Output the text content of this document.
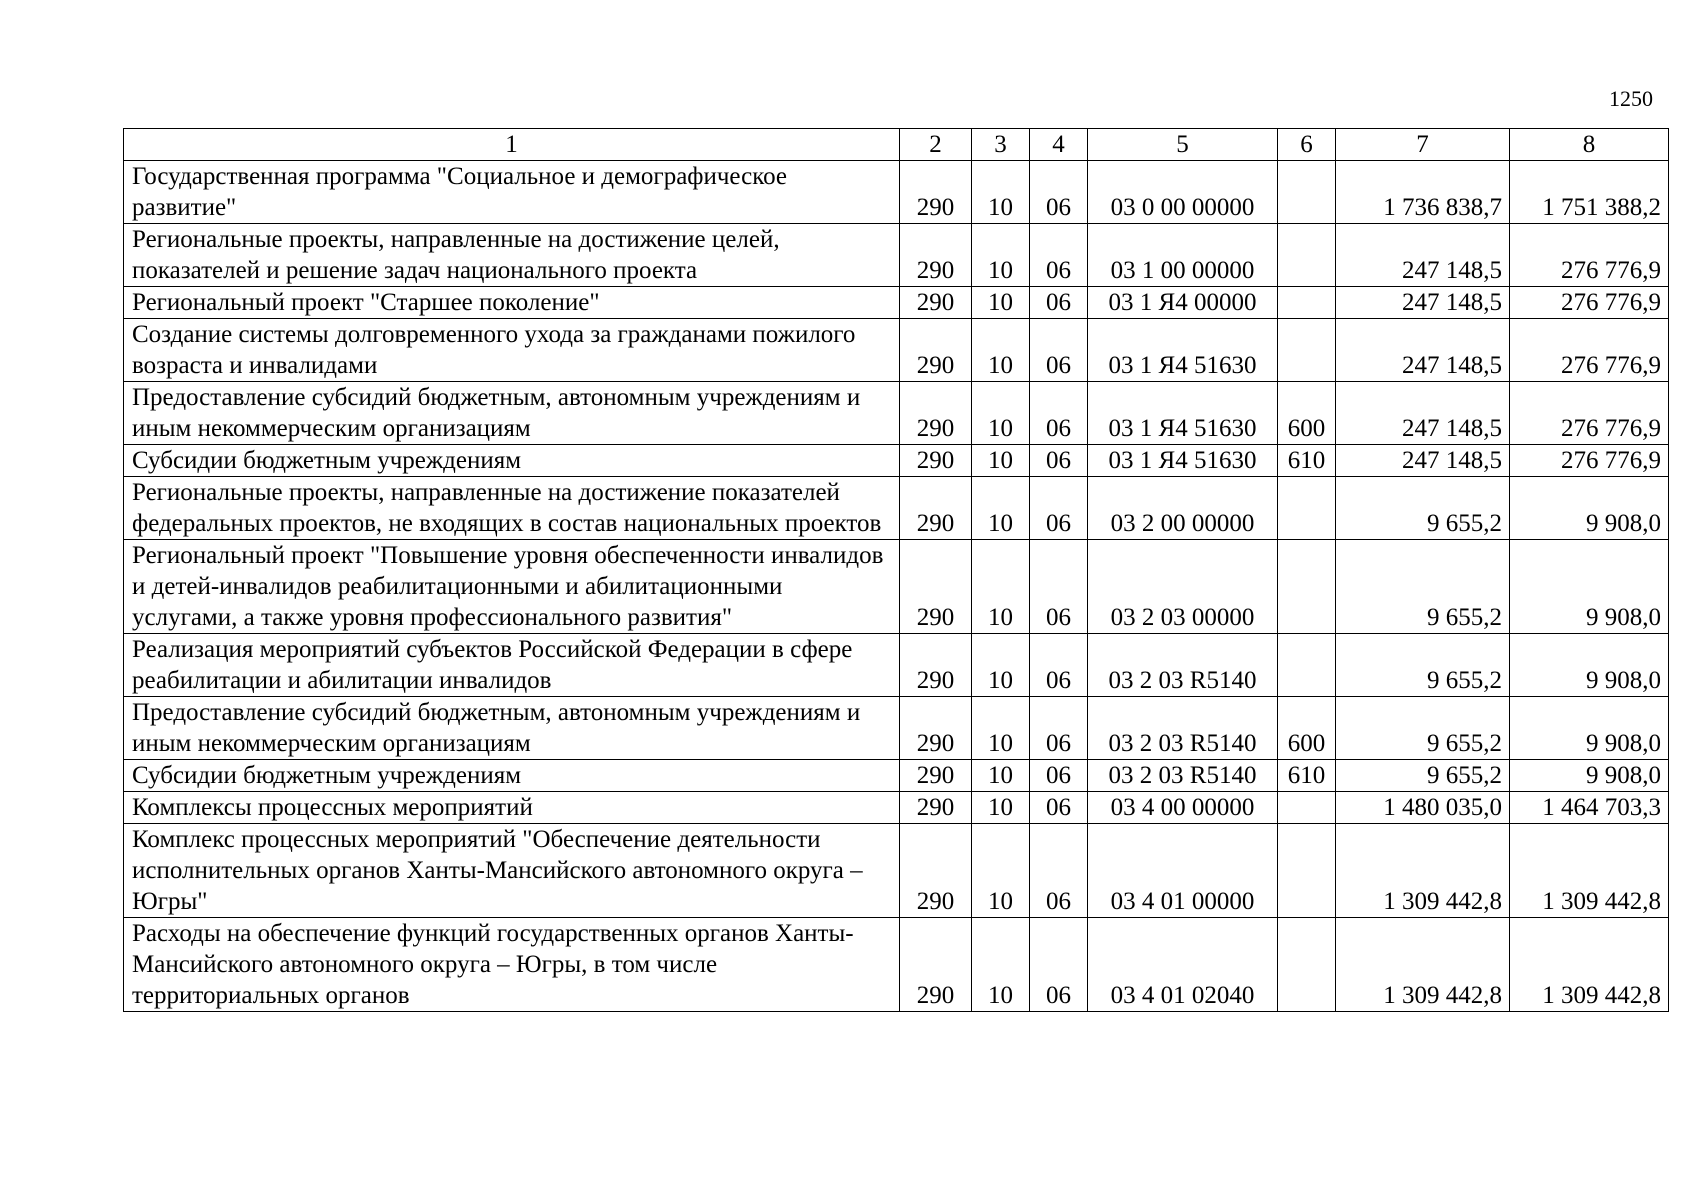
1250
1	2	3	4	5	6	7	8
Государственная программа "Социальное и демографическое развитие"	290	10	06	03 0 00 00000		1 736 838,7	1 751 388,2
Региональные проекты, направленные на достижение целей, показателей и решение задач национального проекта	290	10	06	03 1 00 00000		247 148,5	276 776,9
Региональный проект "Старшее поколение"	290	10	06	03 1 Я4 00000		247 148,5	276 776,9
Создание системы долговременного ухода за гражданами пожилого возраста и инвалидами	290	10	06	03 1 Я4 51630		247 148,5	276 776,9
Предоставление субсидий бюджетным, автономным учреждениям и иным некоммерческим организациям	290	10	06	03 1 Я4 51630	600	247 148,5	276 776,9
Субсидии бюджетным учреждениям	290	10	06	03 1 Я4 51630	610	247 148,5	276 776,9
Региональные проекты, направленные на достижение показателей федеральных проектов, не входящих в состав национальных проектов	290	10	06	03 2 00 00000		9 655,2	9 908,0
Региональный проект "Повышение уровня обеспеченности инвалидов и детей-инвалидов реабилитационными и абилитационными услугами, а также уровня профессионального развития"	290	10	06	03 2 03 00000		9 655,2	9 908,0
Реализация мероприятий субъектов Российской Федерации в сфере реабилитации и абилитации инвалидов	290	10	06	03 2 03 R5140		9 655,2	9 908,0
Предоставление субсидий бюджетным, автономным учреждениям и иным некоммерческим организациям	290	10	06	03 2 03 R5140	600	9 655,2	9 908,0
Субсидии бюджетным учреждениям	290	10	06	03 2 03 R5140	610	9 655,2	9 908,0
Комплексы процессных мероприятий	290	10	06	03 4 00 00000		1 480 035,0	1 464 703,3
Комплекс процессных мероприятий "Обеспечение деятельности исполнительных органов Ханты-Мансийского автономного округа – Югры"	290	10	06	03 4 01 00000		1 309 442,8	1 309 442,8
Расходы на обеспечение функций государственных органов Ханты-Мансийского автономного округа – Югры, в том числе территориальных органов	290	10	06	03 4 01 02040		1 309 442,8	1 309 442,8
